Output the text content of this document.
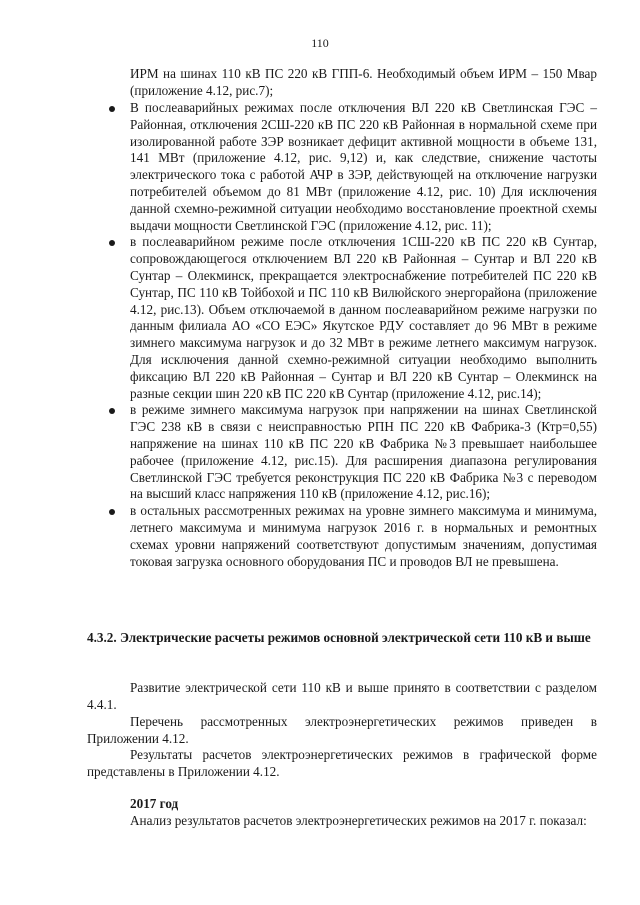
110

ИРМ на шинах 110 кВ ПС 220 кВ ГПП-6. Необходимый объем ИРМ – 150 Мвар (приложение 4.12, рис.7);

В послеаварийных режимах после отключения ВЛ 220 кВ Светлинская ГЭС – Районная, отключения 2СШ-220 кВ ПС 220 кВ Районная в нормальной схеме при изолированной работе ЗЭР возникает дефицит активной мощности в объеме 131, 141 МВт (приложение 4.12, рис. 9,12) и, как следствие, снижение частоты электрического тока с работой АЧР в ЗЭР, действующей на отключение нагрузки потребителей объемом до 81 МВт (приложение 4.12, рис. 10) Для исключения данной схемно-режимной ситуации необходимо восстановление проектной схемы выдачи мощности Светлинской ГЭС (приложение 4.12, рис. 11);
в послеаварийном режиме после отключения 1СШ-220 кВ ПС 220 кВ Сунтар, сопровождающегося отключением ВЛ 220 кВ Районная – Сунтар и ВЛ 220 кВ Сунтар – Олекминск, прекращается электроснабжение потребителей ПС 220 кВ Сунтар, ПС 110 кВ Тойбохой и ПС 110 кВ Вилюйского энергорайона (приложение 4.12, рис.13). Объем отключаемой в данном послеаварийном режиме нагрузки по данным филиала АО «СО ЕЭС» Якутское РДУ составляет до 96 МВт в режиме зимнего максимума нагрузок и до 32 МВт в режиме летнего максимум нагрузок. Для исключения данной схемно-режимной ситуации необходимо выполнить фиксацию ВЛ 220 кВ Районная – Сунтар и ВЛ 220 кВ Сунтар – Олекминск на разные секции шин 220 кВ ПС 220 кВ Сунтар (приложение 4.12, рис.14);
в режиме зимнего максимума нагрузок при напряжении на шинах Светлинской ГЭС 238 кВ в связи с неисправностью РПН ПС 220 кВ Фабрика-3 (Ктр=0,55) напряжение на шинах 110 кВ ПС 220 кВ Фабрика №3 превышает наибольшее рабочее (приложение 4.12, рис.15). Для расширения диапазона регулирования Светлинской ГЭС требуется реконструкция ПС 220 кВ Фабрика №3 с переводом на высший класс напряжения 110 кВ (приложение 4.12, рис.16);
в остальных рассмотренных режимах на уровне зимнего максимума и минимума, летнего максимума и минимума нагрузок 2016 г. в нормальных и ремонтных схемах уровни напряжений соответствуют допустимым значениям, допустимая токовая загрузка основного оборудования ПС и проводов ВЛ не превышена.

4.3.2. Электрические расчеты режимов основной электрической сети 110 кВ и выше

Развитие электрической сети 110 кВ и выше принято в соответствии с разделом 4.4.1.

Перечень рассмотренных электроэнергетических режимов приведен в Приложении 4.12.

Результаты расчетов электроэнергетических режимов в графической форме представлены в Приложении 4.12.

2017 год

Анализ результатов расчетов электроэнергетических режимов на 2017 г. показал:
